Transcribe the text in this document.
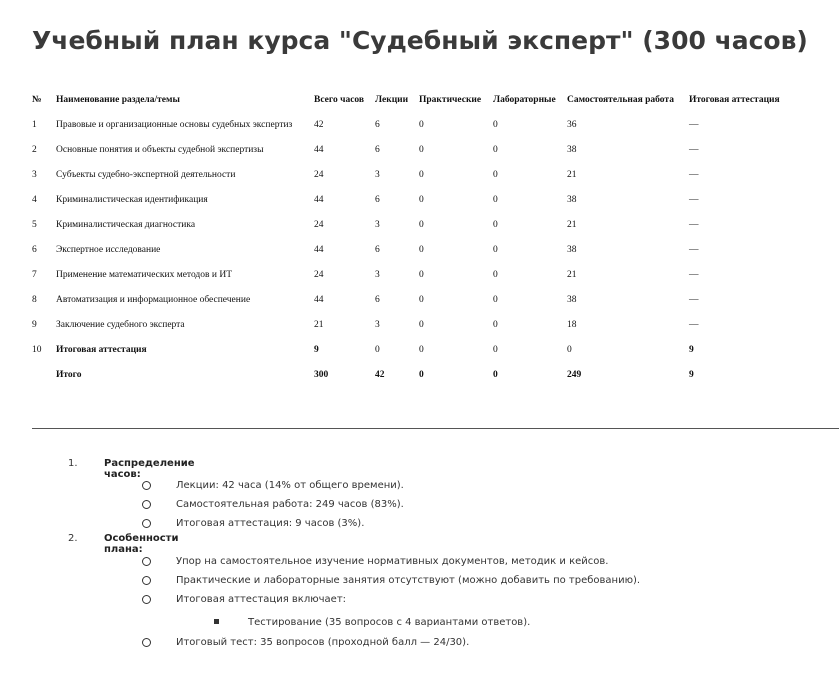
Учебный план курса "Судебный эксперт" (300 часов)
№	Наименование раздела/темы	Всего часов	Лекции	Практические	Лабораторные	Самостоятельная работа	Итоговая аттестация
1	Правовые и организационные основы судебных экспертиз	42	6	0	0	36	—
2	Основные понятия и объекты судебной экспертизы	44	6	0	0	38	—
3	Субъекты судебно-экспертной деятельности	24	3	0	0	21	—
4	Криминалистическая идентификация	44	6	0	0	38	—
5	Криминалистическая диагностика	24	3	0	0	21	—
6	Экспертное исследование	44	6	0	0	38	—
7	Применение математических методов и ИТ	24	3	0	0	21	—
8	Автоматизация и информационное обеспечение	44	6	0	0	38	—
9	Заключение судебного эксперта	21	3	0	0	18	—
10	Итоговая аттестация	9	0	0	0	0	9
	Итого	300	42	0	0	249	9
1.	Распределение часов:
Лекции: 42 часа (14% от общего времени).
Самостоятельная работа: 249 часов (83%).
Итоговая аттестация: 9 часов (3%).
2.	Особенности плана:
Упор на самостоятельное изучение нормативных документов, методик и кейсов.
Практические и лабораторные занятия отсутствуют (можно добавить по требованию).
Итоговая аттестация включает:
Тестирование (35 вопросов с 4 вариантами ответов).
Итоговый тест: 35 вопросов (проходной балл — 24/30).
